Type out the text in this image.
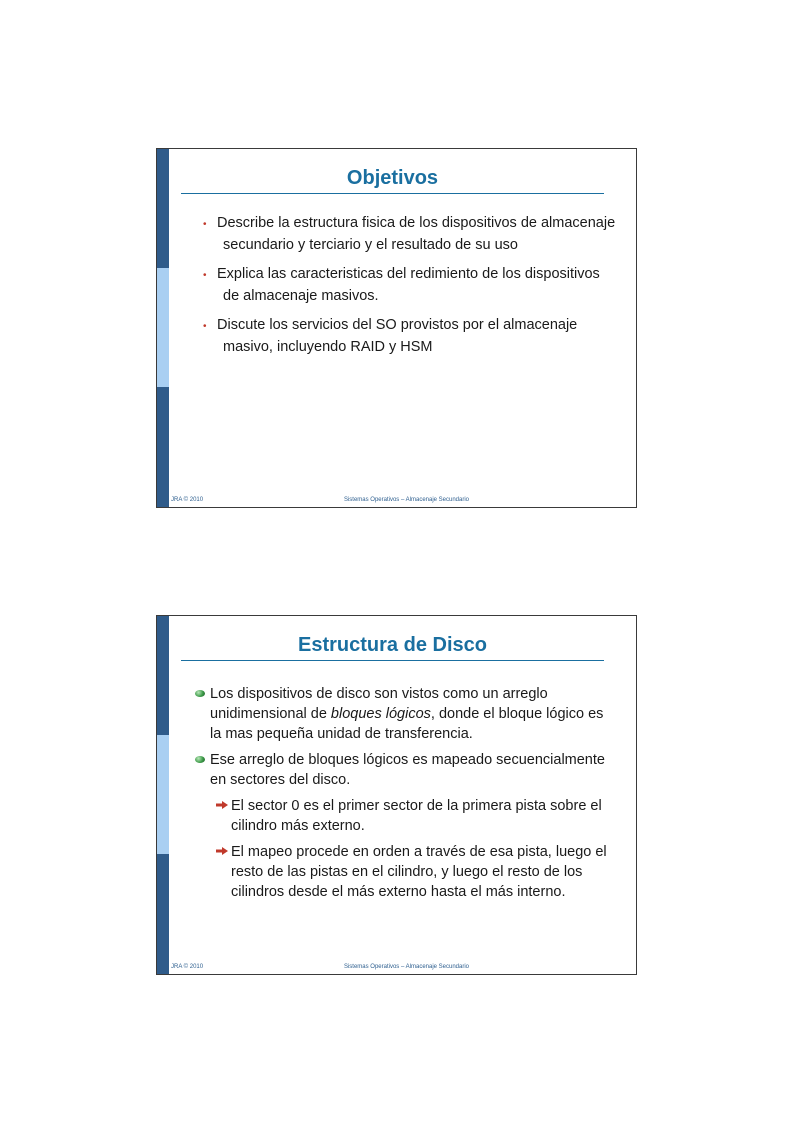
Objetivos
• Describe la estructura fisica de los dispositivos de almacenaje secundario y terciario y el resultado de su uso
• Explica las caracteristicas del redimiento de los dispositivos de almacenaje masivos.
• Discute los servicios del SO provistos por el almacenaje masivo, incluyendo RAID y HSM
JRA © 2010	Sistemas Operativos – Almacenaje Secundario
Estructura de Disco
Los dispositivos de disco son vistos como un arreglo unidimensional de bloques lógicos, donde el bloque lógico es la mas pequeña unidad de transferencia.
Ese arreglo de bloques lógicos es mapeado secuencialmente en sectores del disco.
El sector 0 es el primer sector de la primera pista sobre el cilindro más externo.
El mapeo procede en orden a través de esa pista, luego el resto de las pistas en el cilindro, y luego el resto de los cilindros desde el más externo hasta el más interno.
JRA © 2010	Sistemas Operativos – Almacenaje Secundario
